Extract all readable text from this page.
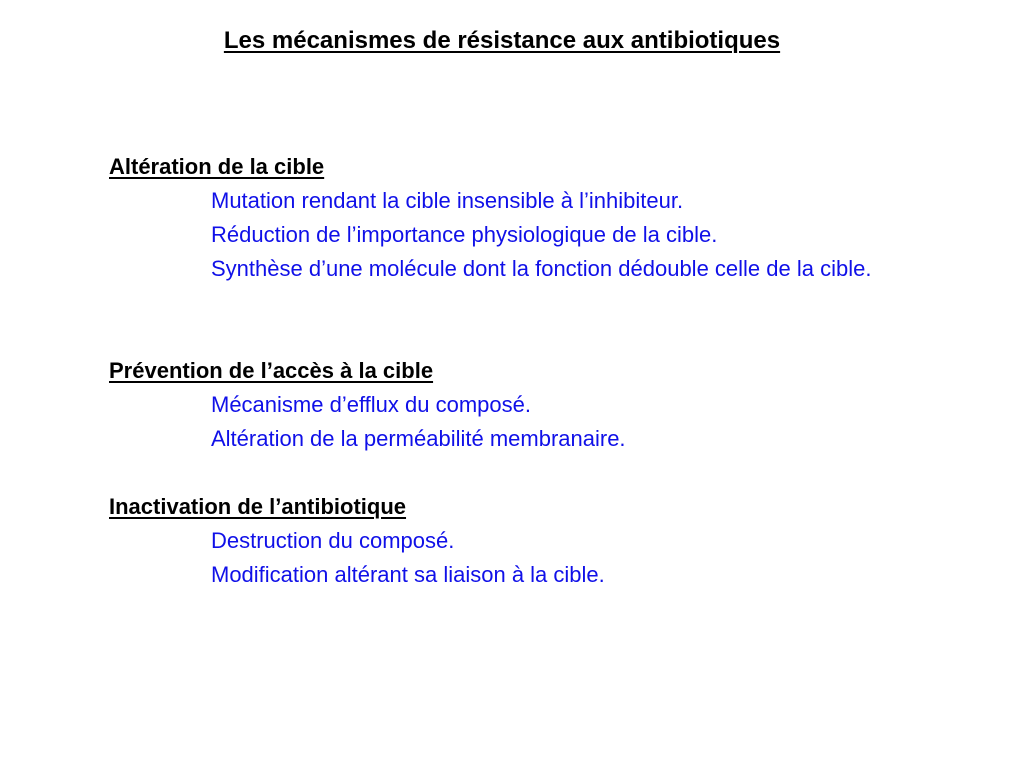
Les mécanismes de résistance aux antibiotiques
Altération de la cible
Mutation rendant la cible insensible à l’inhibiteur.
Réduction de l’importance physiologique de la cible.
Synthèse d’une molécule dont la fonction dédouble celle de la cible.
Prévention de l’accès à la cible
Mécanisme d’efflux du composé.
Altération de la perméabilité membranaire.
Inactivation de l’antibiotique
Destruction du composé.
Modification altérant sa liaison à la cible.
